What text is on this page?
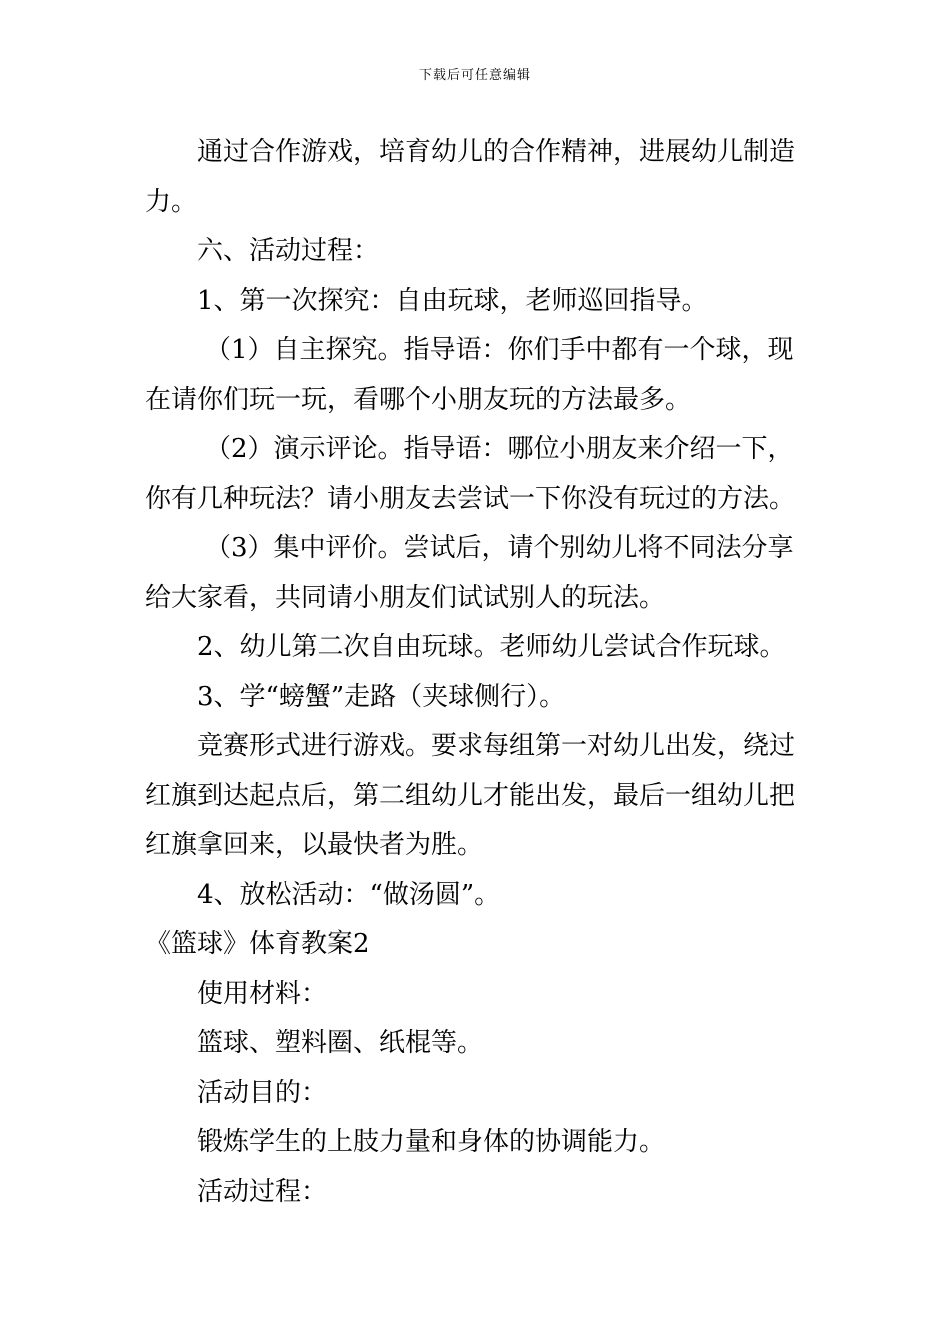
下载后可任意编辑

通过合作游戏，培育幼儿的合作精神，进展幼儿制造力。

六、活动过程：

1、第一次探究：自由玩球，老师巡回指导。

（1）自主探究。指导语：你们手中都有一个球，现在请你们玩一玩，看哪个小朋友玩的方法最多。

（2）演示评论。指导语：哪位小朋友来介绍一下，你有几种玩法？请小朋友去尝试一下你没有玩过的方法。

（3）集中评价。尝试后，请个别幼儿将不同法分享给大家看，共同请小朋友们试试别人的玩法。

2、幼儿第二次自由玩球。老师幼儿尝试合作玩球。

3、学“螃蟹”走路（夹球侧行）。

竞赛形式进行游戏。要求每组第一对幼儿出发，绕过红旗到达起点后，第二组幼儿才能出发，最后一组幼儿把红旗拿回来，以最快者为胜。

4、放松活动：“做汤圆”。

《篮球》体育教案2

使用材料：

篮球、塑料圈、纸棍等。

活动目的：

锻炼学生的上肢力量和身体的协调能力。

活动过程：
